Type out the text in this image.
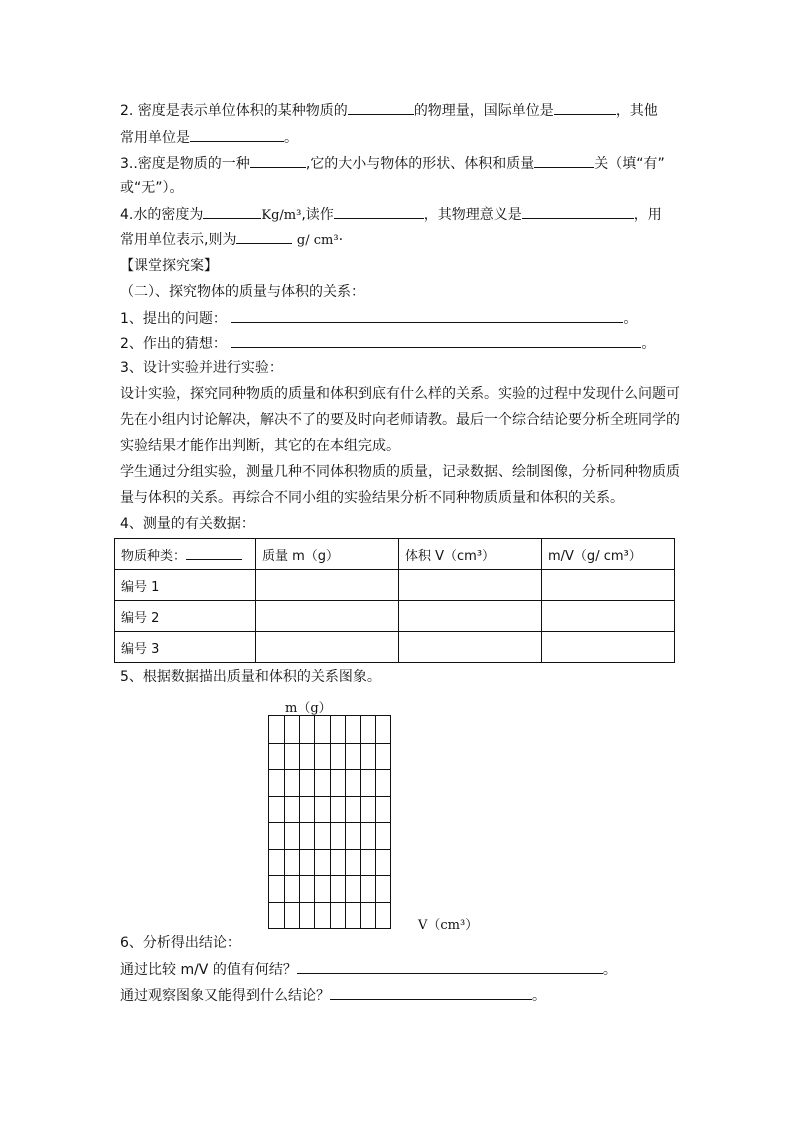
2. 密度是表示单位体积的某种物质的	的物理量，国际单位是	，其他
常用单位是	。
3..密度是物质的一种	,它的大小与物体的形状、体积和质量	关（填“有”
或“无”）。
4.水的密度为	Kg/m³,读作	，其物理意义是	，用
常用单位表示,则为	g/ cm³·
【课堂探究案】
（二）、探究物体的质量与体积的关系：
1、提出的问题：	。
2、作出的猜想：	。
3、设计实验并进行实验：
设计实验，探究同种物质的质量和体积到底有什么样的关系。实验的过程中发现什么问题可
先在小组内讨论解决，解决不了的要及时向老师请教。最后一个综合结论要分析全班同学的
实验结果才能作出判断，其它的在本组完成。
学生通过分组实验，测量几种不同体积物质的质量，记录数据、绘制图像，分析同种物质质
量与体积的关系。再综合不同小组的实验结果分析不同种物质质量和体积的关系。
4、测量的有关数据：
物质种类：	质量 m（g）	体积 V（cm³）	m/V（g/ cm³）
编号 1			
编号 2			
编号 3			
5、根据数据描出质量和体积的关系图象。
m（g）
V（cm³）
6、分析得出结论：
通过比较 m/V 的值有何结？	。
通过观察图象又能得到什么结论？	。
